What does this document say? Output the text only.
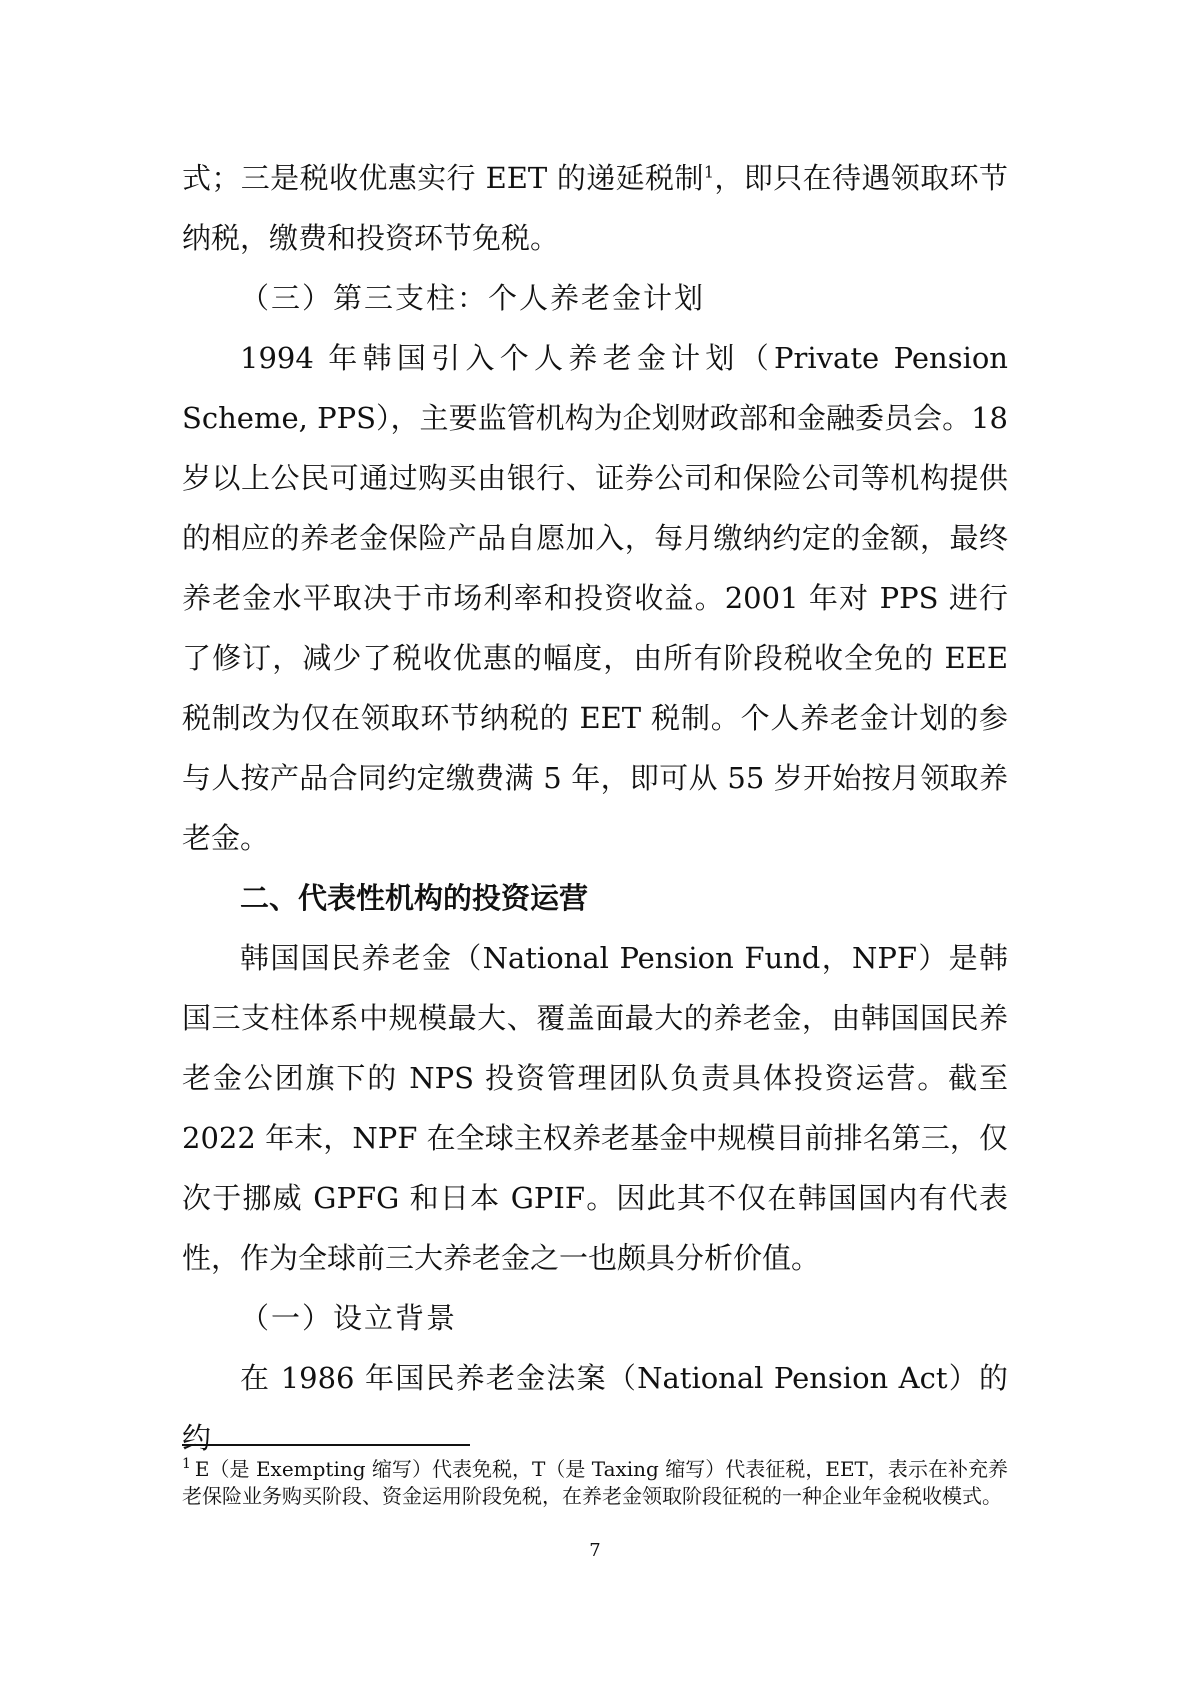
式；三是税收优惠实行 EET 的递延税制$^1$，即只在待遇领取环节纳税，缴费和投资环节免税。

（三）第三支柱：个人养老金计划

1994 年韩国引入个人养老金计划（Private Pension Scheme, PPS），主要监管机构为企划财政部和金融委员会。18 岁以上公民可通过购买由银行、证券公司和保险公司等机构提供的相应的养老金保险产品自愿加入，每月缴纳约定的金额，最终养老金水平取决于市场利率和投资收益。2001 年对 PPS 进行了修订，减少了税收优惠的幅度，由所有阶段税收全免的 EEE 税制改为仅在领取环节纳税的 EET 税制。个人养老金计划的参与人按产品合同约定缴费满 5 年，即可从 55 岁开始按月领取养老金。

二、代表性机构的投资运营

韩国国民养老金（National Pension Fund，NPF）是韩国三支柱体系中规模最大、覆盖面最大的养老金，由韩国国民养老金公团旗下的 NPS 投资管理团队负责具体投资运营。截至 2022 年末，NPF 在全球主权养老基金中规模目前排名第三，仅次于挪威 GPFG 和日本 GPIF。因此其不仅在韩国国内有代表性，作为全球前三大养老金之一也颇具分析价值。

（一）设立背景

在 1986 年国民养老金法案（National Pension Act）的约

$^1$ E（是 Exempting 缩写）代表免税，T（是 Taxing 缩写）代表征税，EET，表示在补充养老保险业务购买阶段、资金运用阶段免税，在养老金领取阶段征税的一种企业年金税收模式。

7
